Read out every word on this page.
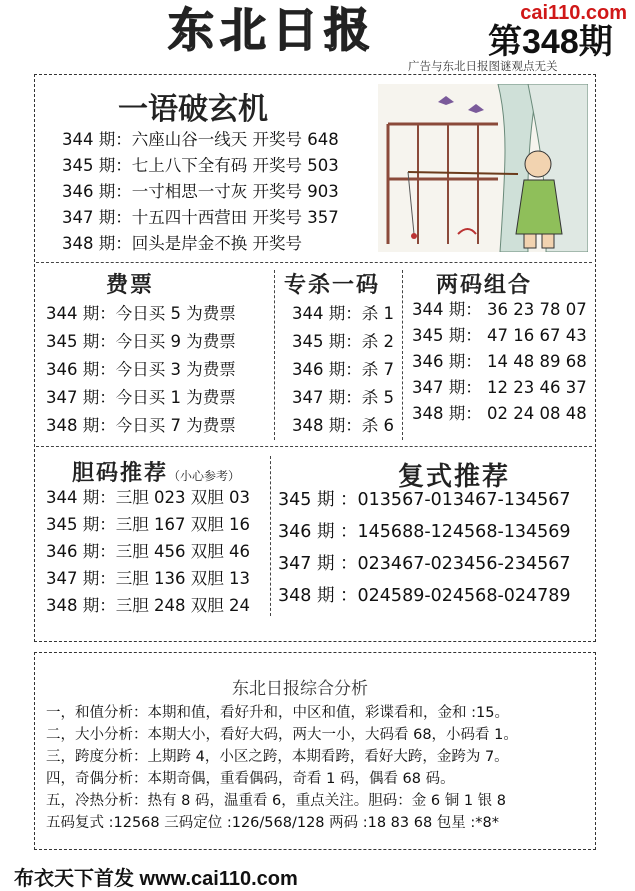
东北日报	cai110.com
第348期
广告与东北日报图谜观点无关
一语破玄机
344 期：六座山谷一线天 开奖号 648
345 期：七上八下全有码 开奖号 503
346 期：一寸相思一寸灰 开奖号 903
347 期：十五四十西营田 开奖号 357
348 期：回头是岸金不换 开奖号
费票
344 期：今日买 5 为费票
345 期：今日买 9 为费票
346 期：今日买 3 为费票
347 期：今日买 1 为费票
348 期：今日买 7 为费票
专杀一码
344 期：杀 1
345 期：杀 2
346 期：杀 7
347 期：杀 5
348 期：杀 6
两码组合
344 期： 36 23 78 07
345 期： 47 16 67 43
346 期： 14 48 89 68
347 期： 12 23 46 37
348 期： 02 24 08 48
胆码推荐（小心参考）
344 期：三胆 023 双胆 03
345 期：三胆 167 双胆 16
346 期：三胆 456 双胆 46
347 期：三胆 136 双胆 13
348 期：三胆 248 双胆 24
复式推荐
345 期 ：013567-013467-134567
346 期 ：145688-124568-134569
347 期 ：023467-023456-234567
348 期 ：024589-024568-024789
东北日报综合分析
一，和值分析：本期和值，看好升和，中区和值，彩谍看和，金和 :15。
二，大小分析：本期大小，看好大码，两大一小，大码看 68，小码看 1。
三，跨度分析：上期跨 4，小区之跨，本期看跨，看好大跨，金跨为 7。
四，奇偶分析：本期奇偶，重看偶码，奇看 1 码，偶看 68 码。
五，冷热分析：热有 8 码，温重看 6，重点关注。胆码：金 6 铜 1 银 8
五码复式 :12568 三码定位 :126/568/128 两码 :18 83 68 包星 :*8*
布衣天下首发 www.cai110.com
